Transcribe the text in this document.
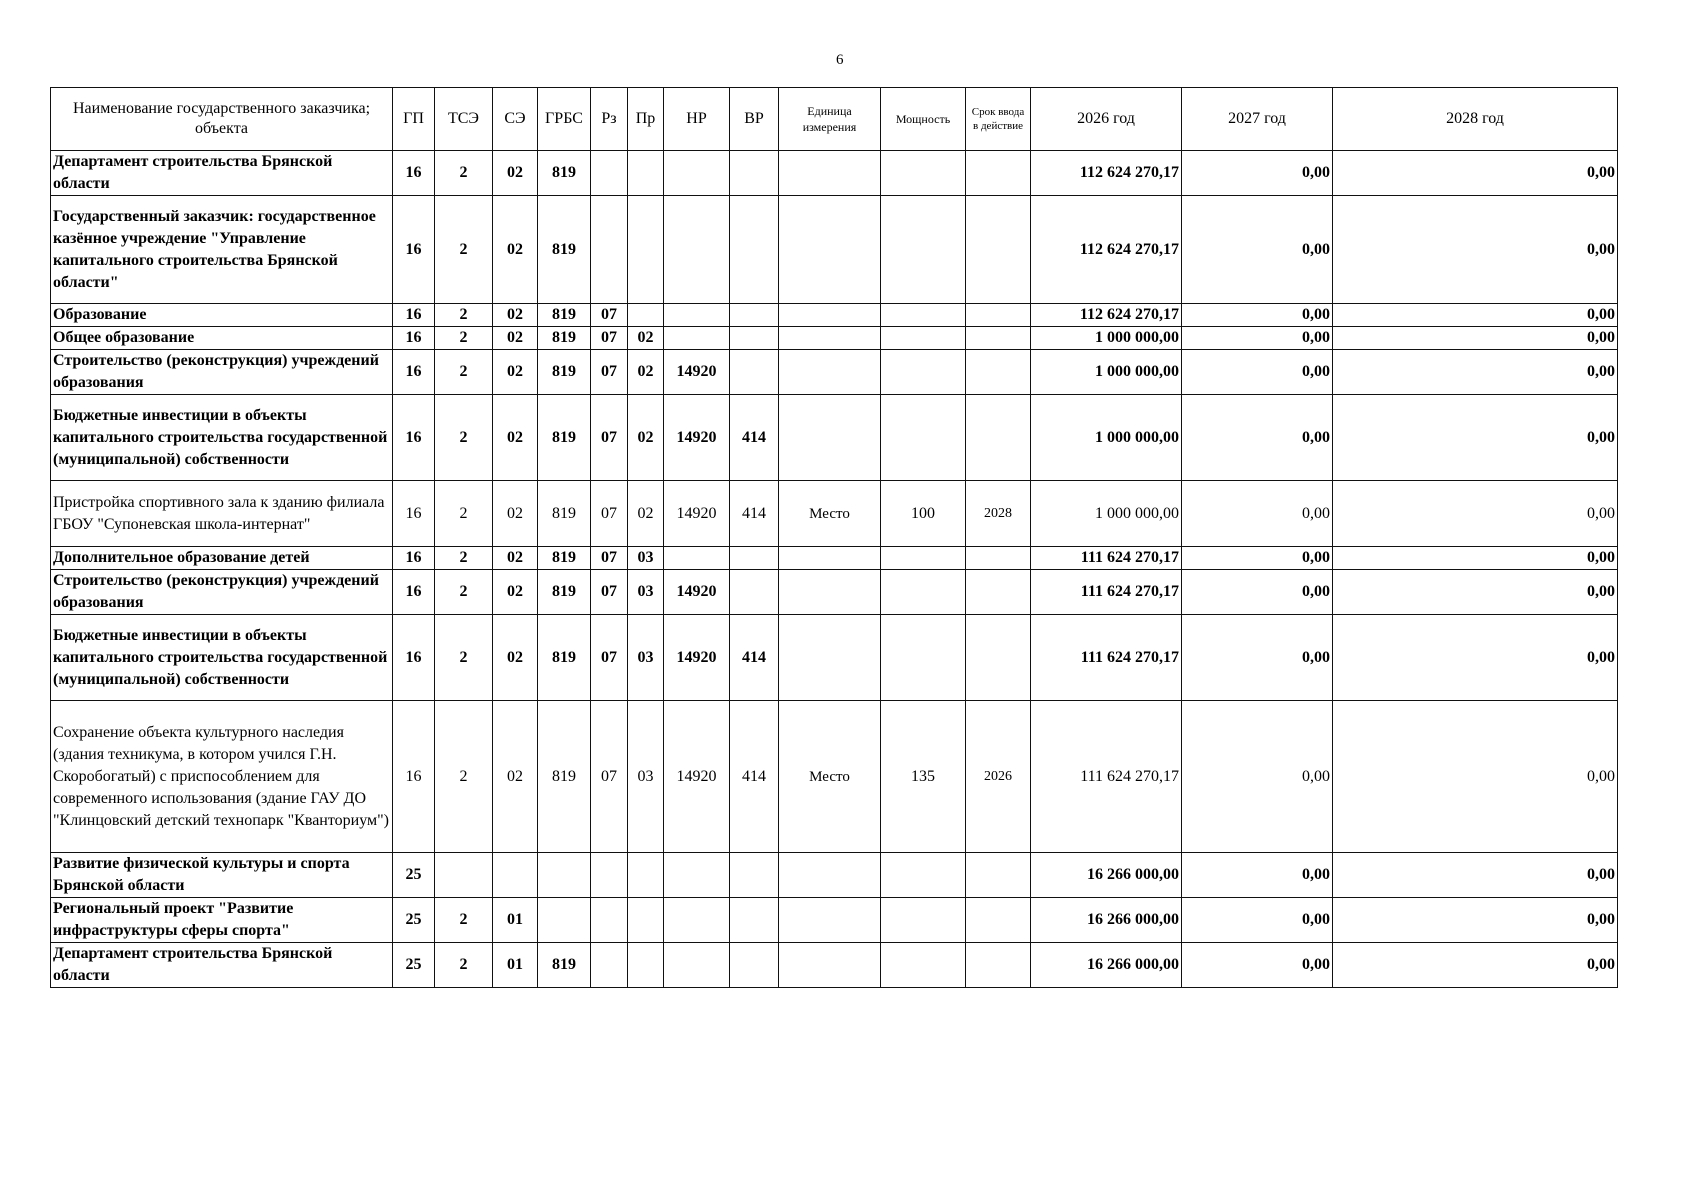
6
Наименование государственного заказчика; объекта	ГП	ТСЭ	СЭ	ГРБС	Рз	Пр	НР	ВР	Единица измерения	Мощность	Срок ввода в действие	2026 год	2027 год	2028 год
Департамент строительства Брянской области	16	2	02	819								112 624 270,17	0,00	0,00
Государственный заказчик: государственное казённое учреждение "Управление капитального строительства Брянской области"	16	2	02	819								112 624 270,17	0,00	0,00
Образование	16	2	02	819	07							112 624 270,17	0,00	0,00
Общее образование	16	2	02	819	07	02						1 000 000,00	0,00	0,00
Строительство (реконструкция) учреждений образования	16	2	02	819	07	02	14920					1 000 000,00	0,00	0,00
Бюджетные инвестиции в объекты капитального строительства государственной (муниципальной) собственности	16	2	02	819	07	02	14920	414				1 000 000,00	0,00	0,00
Пристройка спортивного зала к зданию филиала ГБОУ "Супоневская школа-интернат"	16	2	02	819	07	02	14920	414	Место	100	2028	1 000 000,00	0,00	0,00
Дополнительное образование детей	16	2	02	819	07	03						111 624 270,17	0,00	0,00
Строительство (реконструкция) учреждений образования	16	2	02	819	07	03	14920					111 624 270,17	0,00	0,00
Бюджетные инвестиции в объекты капитального строительства государственной (муниципальной) собственности	16	2	02	819	07	03	14920	414				111 624 270,17	0,00	0,00
Сохранение объекта культурного наследия (здания техникума, в котором учился Г.Н. Скоробогатый) с приспособлением для современного использования (здание ГАУ ДО "Клинцовский детский технопарк "Кванториум")	16	2	02	819	07	03	14920	414	Место	135	2026	111 624 270,17	0,00	0,00
Развитие физической культуры и спорта Брянской области	25											16 266 000,00	0,00	0,00
Региональный проект "Развитие инфраструктуры сферы спорта"	25	2	01									16 266 000,00	0,00	0,00
Департамент строительства Брянской области	25	2	01	819								16 266 000,00	0,00	0,00
